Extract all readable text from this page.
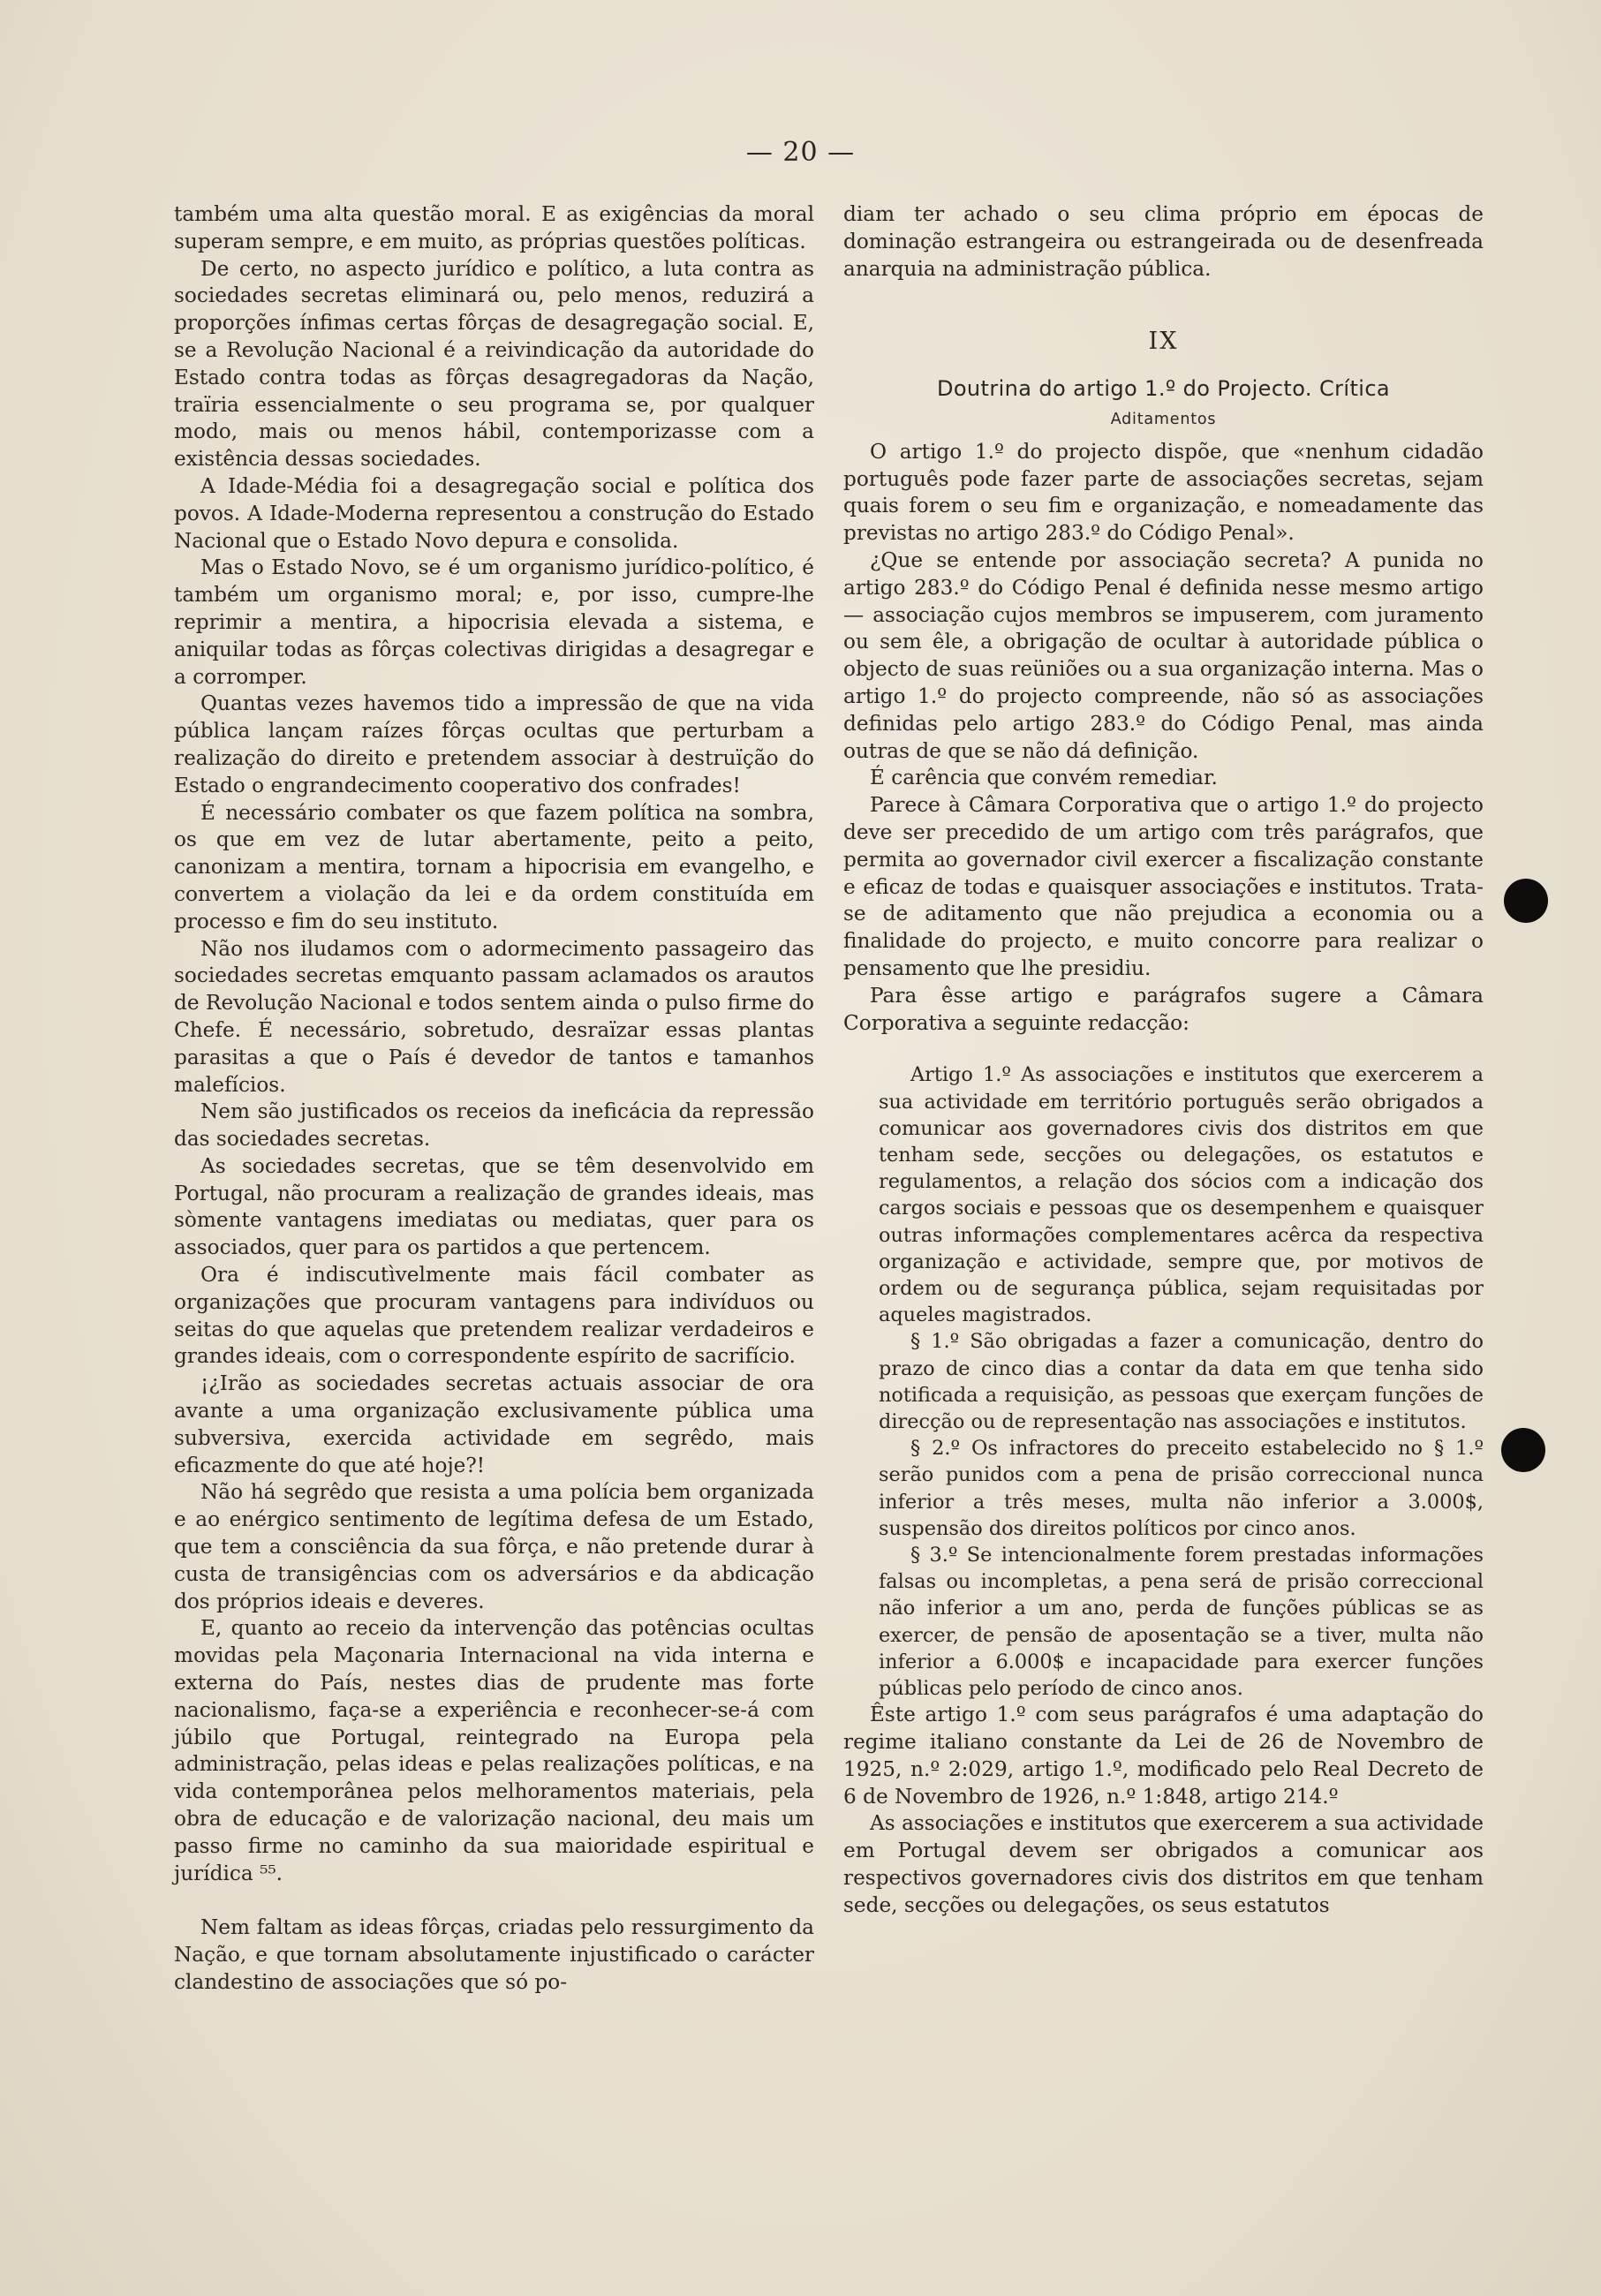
— 20 —

também uma alta questão moral. E as exigências da moral superam sempre, e em muito, as próprias questões políticas.

De certo, no aspecto jurídico e político, a luta contra as sociedades secretas eliminará ou, pelo menos, reduzirá a proporções ínfimas certas fôrças de desagregação social. E, se a Revolução Nacional é a reivindicação da autoridade do Estado contra todas as fôrças desagregadoras da Nação, traïria essencialmente o seu programa se, por qualquer modo, mais ou menos hábil, contemporizasse com a existência dessas sociedades.

A Idade-Média foi a desagregação social e política dos povos. A Idade-Moderna representou a construção do Estado Nacional que o Estado Novo depura e consolida.

Mas o Estado Novo, se é um organismo jurídico-político, é também um organismo moral; e, por isso, cumpre-lhe reprimir a mentira, a hipocrisia elevada a sistema, e aniquilar todas as fôrças colectivas dirigidas a desagregar e a corromper.

Quantas vezes havemos tido a impressão de que na vida pública lançam raízes fôrças ocultas que perturbam a realização do direito e pretendem associar à destruïção do Estado o engrandecimento cooperativo dos confrades!

É necessário combater os que fazem política na sombra, os que em vez de lutar abertamente, peito a peito, canonizam a mentira, tornam a hipocrisia em evangelho, e convertem a violação da lei e da ordem constituída em processo e fim do seu instituto.

Não nos iludamos com o adormecimento passageiro das sociedades secretas emquanto passam aclamados os arautos de Revolução Nacional e todos sentem ainda o pulso firme do Chefe. É necessário, sobretudo, desraïzar essas plantas parasitas a que o País é devedor de tantos e tamanhos malefícios.

Nem são justificados os receios da ineficácia da repressão das sociedades secretas.

As sociedades secretas, que se têm desenvolvido em Portugal, não procuram a realização de grandes ideais, mas sòmente vantagens imediatas ou mediatas, quer para os associados, quer para os partidos a que pertencem.

Ora é indiscutìvelmente mais fácil combater as organizações que procuram vantagens para indivíduos ou seitas do que aquelas que pretendem realizar verdadeiros e grandes ideais, com o correspondente espírito de sacrifício.

¡¿Irão as sociedades secretas actuais associar de ora avante a uma organização exclusivamente pública uma subversiva, exercida actividade em segrêdo, mais eficazmente do que até hoje?!

Não há segrêdo que resista a uma polícia bem organizada e ao enérgico sentimento de legítima defesa de um Estado, que tem a consciência da sua fôrça, e não pretende durar à custa de transigências com os adversários e da abdicação dos próprios ideais e deveres.

E, quanto ao receio da intervenção das potências ocultas movidas pela Maçonaria Internacional na vida interna e externa do País, nestes dias de prudente mas forte nacionalismo, faça-se a experiência e reconhecer-se-á com júbilo que Portugal, reintegrado na Europa pela administração, pelas ideas e pelas realizações políticas, e na vida contemporânea pelos melhoramentos materiais, pela obra de educação e de valorização nacional, deu mais um passo firme no caminho da sua maioridade espiritual e jurídica ⁵⁵.

Nem faltam as ideas fôrças, criadas pelo ressurgimento da Nação, e que tornam absolutamente injustificado o carácter clandestino de associações que só po-

diam ter achado o seu clima próprio em épocas de dominação estrangeira ou estrangeirada ou de desenfreada anarquia na administração pública.

IX
Doutrina do artigo 1.º do Projecto. Crítica
Aditamentos

O artigo 1.º do projecto dispõe, que «nenhum cidadão português pode fazer parte de associações secretas, sejam quais forem o seu fim e organização, e nomeadamente das previstas no artigo 283.º do Código Penal».

¿Que se entende por associação secreta? A punida no artigo 283.º do Código Penal é definida nesse mesmo artigo — associação cujos membros se impuserem, com juramento ou sem êle, a obrigação de ocultar à autoridade pública o objecto de suas reüniões ou a sua organização interna. Mas o artigo 1.º do projecto compreende, não só as associações definidas pelo artigo 283.º do Código Penal, mas ainda outras de que se não dá definição.

É carência que convém remediar.

Parece à Câmara Corporativa que o artigo 1.º do projecto deve ser precedido de um artigo com três parágrafos, que permita ao governador civil exercer a fiscalização constante e eficaz de todas e quaisquer associações e institutos. Trata-se de aditamento que não prejudica a economia ou a finalidade do projecto, e muito concorre para realizar o pensamento que lhe presidiu.

Para êsse artigo e parágrafos sugere a Câmara Corporativa a seguinte redacção:

Artigo 1.º As associações e institutos que exercerem a sua actividade em território português serão obrigados a comunicar aos governadores civis dos distritos em que tenham sede, secções ou delegações, os estatutos e regulamentos, a relação dos sócios com a indicação dos cargos sociais e pessoas que os desempenhem e quaisquer outras informações complementares acêrca da respectiva organização e actividade, sempre que, por motivos de ordem ou de segurança pública, sejam requisitadas por aqueles magistrados.

§ 1.º São obrigadas a fazer a comunicação, dentro do prazo de cinco dias a contar da data em que tenha sido notificada a requisição, as pessoas que exerçam funções de direcção ou de representação nas associações e institutos.

§ 2.º Os infractores do preceito estabelecido no § 1.º serão punidos com a pena de prisão correccional nunca inferior a três meses, multa não inferior a 3.000$, suspensão dos direitos políticos por cinco anos.

§ 3.º Se intencionalmente forem prestadas informações falsas ou incompletas, a pena será de prisão correccional não inferior a um ano, perda de funções públicas se as exercer, de pensão de aposentação se a tiver, multa não inferior a 6.000$ e incapacidade para exercer funções públicas pelo período de cinco anos.

Êste artigo 1.º com seus parágrafos é uma adaptação do regime italiano constante da Lei de 26 de Novembro de 1925, n.º 2:029, artigo 1.º, modificado pelo Real Decreto de 6 de Novembro de 1926, n.º 1:848, artigo 214.º

As associações e institutos que exercerem a sua actividade em Portugal devem ser obrigados a comunicar aos respectivos governadores civis dos distritos em que tenham sede, secções ou delegações, os seus estatutos
